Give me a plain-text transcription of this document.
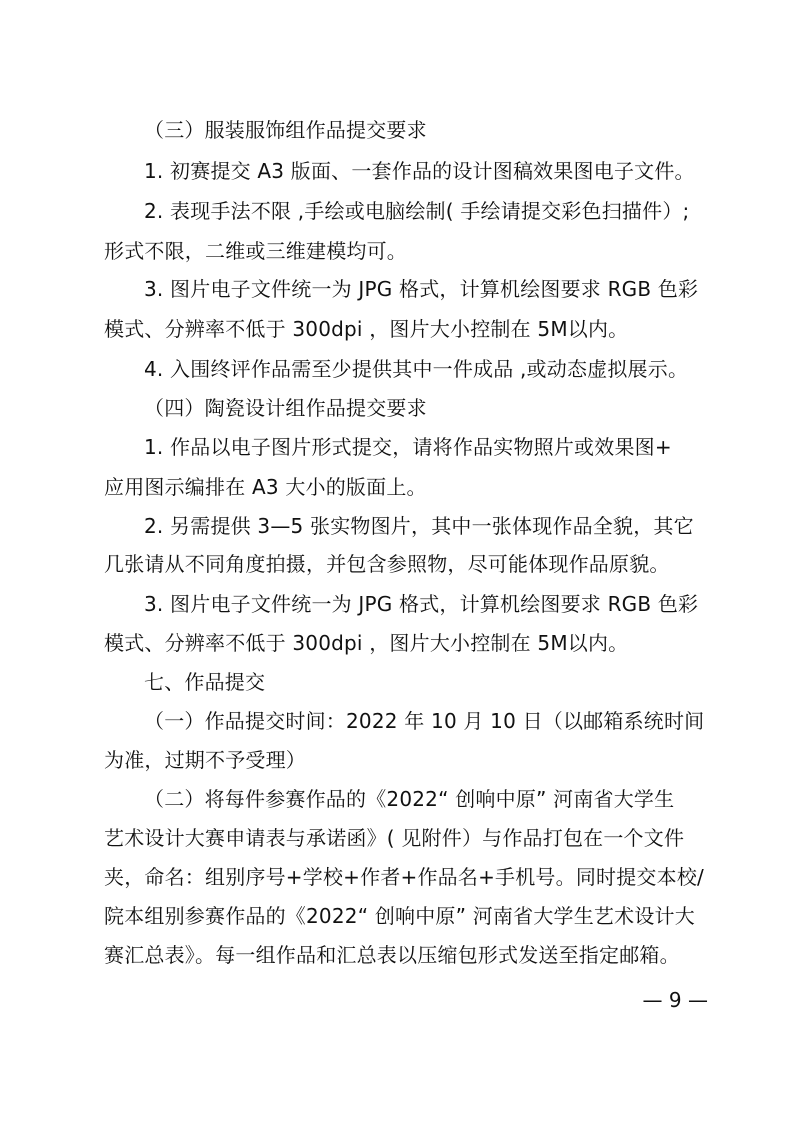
（三）服装服饰组作品提交要求
1. 初赛提交 A3 版面、一套作品的设计图稿效果图电子文件。
2. 表现手法不限 ,手绘或电脑绘制( 手绘请提交彩色扫描件）;
形式不限，二维或三维建模均可。
3. 图片电子文件统一为 JPG 格式，计算机绘图要求 RGB 色彩
模式、分辨率不低于 300dpi ，图片大小控制在 5M以内。
4. 入围终评作品需至少提供其中一件成品 ,或动态虚拟展示。
（四）陶瓷设计组作品提交要求
1. 作品以电子图片形式提交，请将作品实物照片或效果图+
应用图示编排在 A3 大小的版面上。
2. 另需提供 3—5 张实物图片，其中一张体现作品全貌，其它
几张请从不同角度拍摄，并包含参照物，尽可能体现作品原貌。
3. 图片电子文件统一为 JPG 格式，计算机绘图要求 RGB 色彩
模式、分辨率不低于 300dpi ，图片大小控制在 5M以内。
七、作品提交
（一）作品提交时间：2022 年 10 月 10 日（以邮箱系统时间
为准，过期不予受理）
（二）将每件参赛作品的《2022“ 创响中原” 河南省大学生
艺术设计大赛申请表与承诺函》( 见附件）与作品打包在一个文件
夹，命名：组别序号+学校+作者+作品名+手机号。同时提交本校/
院本组别参赛作品的《2022“ 创响中原” 河南省大学生艺术设计大
赛汇总表》。每一组作品和汇总表以压缩包形式发送至指定邮箱。
— 9 —
